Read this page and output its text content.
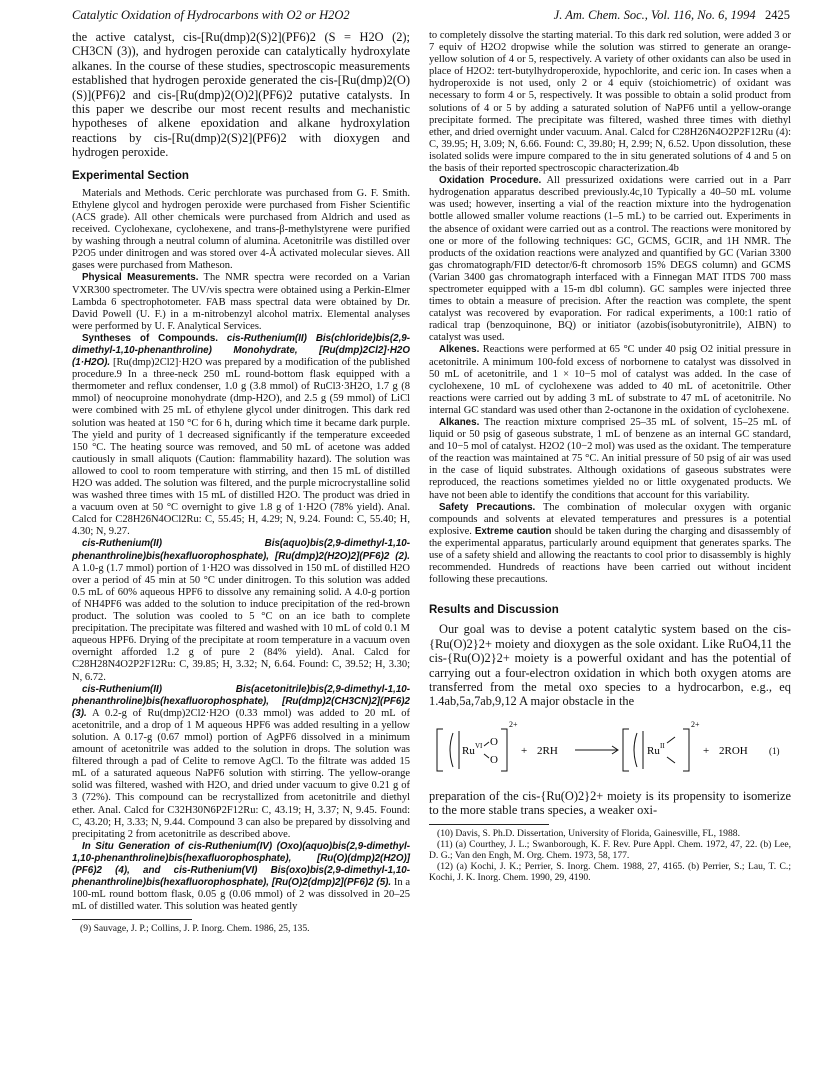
Catalytic Oxidation of Hydrocarbons with O2 or H2O2	J. Am. Chem. Soc., Vol. 116, No. 6, 1994 2425

the active catalyst, cis-[Ru(dmp)2(S)2](PF6)2 (S = H2O (2); CH3CN (3)), and hydrogen peroxide can catalytically hydroxylate alkanes. In the course of these studies, spectroscopic measurements established that hydrogen peroxide generated the cis-[Ru(dmp)2(O)(S)](PF6)2 and cis-[Ru(dmp)2(O)2](PF6)2 putative catalysts. In this paper we describe our most recent results and mechanistic hypotheses of alkene epoxidation and alkane hydroxylation reactions by cis-[Ru(dmp)2(S)2](PF6)2 with dioxygen and hydrogen peroxide.

Experimental Section

Materials and Methods. Ceric perchlorate was purchased from G. F. Smith. Ethylene glycol and hydrogen peroxide were purchased from Fisher Scientific (ACS grade). All other chemicals were purchased from Aldrich and used as received. Cyclohexane, cyclohexene, and trans-β-methylstyrene were purified by washing through a neutral column of alumina. Acetonitrile was distilled over P2O5 under dinitrogen and was stored over 4-Å activated molecular sieves. All gases were purchased from Matheson.

Physical Measurements. The NMR spectra were recorded on a Varian VXR300 spectrometer. The UV/vis spectra were obtained using a Perkin-Elmer Lambda 6 spectrophotometer. FAB mass spectral data were obtained by Dr. David Powell (U. F.) in a m-nitrobenzyl alcohol matrix. Elemental analyses were performed by U. F. Analytical Services.

Syntheses of Compounds. cis-Ruthenium(II) Bis(chloride)bis(2,9-dimethyl-1,10-phenanthroline) Monohydrate, [Ru(dmp)2Cl2]·H2O (1·H2O). [Ru(dmp)2Cl2]·H2O was prepared by a modification of the published procedure.9 In a three-neck 250 mL round-bottom flask equipped with a thermometer and reflux condenser, 1.0 g (3.8 mmol) of RuCl3·3H2O, 1.7 g (8 mmol) of neocuproine monohydrate (dmp-H2O), and 2.5 g (59 mmol) of LiCl were combined with 25 mL of ethylene glycol under dinitrogen. This dark red solution was heated at 150 °C for 6 h, during which time it became dark purple. The yield and purity of 1 decreased significantly if the temperature exceeded 150 °C. The heating source was removed, and 50 mL of acetone was added cautiously in small aliquots (Caution: flammability hazard). The solution was allowed to cool to room temperature with stirring, and then 15 mL of distilled H2O was added. The solution was filtered, and the purple microcrystalline solid was washed three times with 15 mL of distilled H2O. The product was dried in a vacuum oven at 50 °C overnight to give 1.8 g of 1·H2O (78% yield). Anal. Calcd for C28H26N4OCl2Ru: C, 55.45; H, 4.29; N, 9.24. Found: C, 55.40; H, 4.30; N, 9.27.

cis-Ruthenium(II) Bis(aquo)bis(2,9-dimethyl-1,10-phenanthroline)bis(hexafluorophosphate), [Ru(dmp)2(H2O)2](PF6)2 (2). A 1.0-g (1.7 mmol) portion of 1·H2O was dissolved in 150 mL of distilled H2O over a period of 45 min at 50 °C under dinitrogen. To this solution was added 0.5 mL of 60% aqueous HPF6 to dissolve any remaining solid. A 4.0-g portion of NH4PF6 was added to the solution to induce precipitation of the red-brown product. The solution was cooled to 5 °C on an ice bath to complete precipitation. The precipitate was filtered and washed with 10 mL of cold 0.1 M aqueous HPF6. Drying of the precipitate at room temperature in a vacuum oven overnight afforded 1.2 g of pure 2 (84% yield). Anal. Calcd for C28H28N4O2P2F12Ru: C, 39.85; H, 3.32; N, 6.64. Found: C, 39.52; H, 3.30; N, 6.72.

cis-Ruthenium(II) Bis(acetonitrile)bis(2,9-dimethyl-1,10-phenanthroline)bis(hexafluorophosphate), [Ru(dmp)2(CH3CN)2](PF6)2 (3). A 0.2-g of Ru(dmp)2Cl2·H2O (0.33 mmol) was added to 20 mL of acetonitrile, and a drop of 1 M aqueous HPF6 was added resulting in a yellow solution. A 0.17-g (0.67 mmol) portion of AgPF6 dissolved in a minimum amount of acetonitrile was added to the solution in drops. The solution was filtered through a pad of Celite to remove AgCl. To the filtrate was added 15 mL of a saturated aqueous NaPF6 solution with stirring. The yellow-orange solid was filtered, washed with H2O, and dried under vacuum to give 0.21 g of 3 (72%). This compound can be recrystallized from acetonitrile and diethyl ether. Anal. Calcd for C32H30N6P2F12Ru: C, 43.19; H, 3.37; N, 9.45. Found: C, 43.20; H, 3.33; N, 9.44. Compound 3 can also be prepared by dissolving and precipitating 2 from acetonitrile as described above.

In Situ Generation of cis-Ruthenium(IV) (Oxo)(aquo)bis(2,9-dimethyl-1,10-phenanthroline)bis(hexafluorophosphate), [Ru(O)(dmp)2(H2O)](PF6)2 (4), and cis-Ruthenium(VI) Bis(oxo)bis(2,9-dimethyl-1,10-phenanthroline)bis(hexafluorophosphate), [Ru(O)2(dmp)2](PF6)2 (5). In a 100-mL round bottom flask, 0.05 g (0.06 mmol) of 2 was dissolved in 20–25 mL of distilled water. This solution was heated gently

(9) Sauvage, J. P.; Collins, J. P. Inorg. Chem. 1986, 25, 135.

to completely dissolve the starting material. To this dark red solution, were added 3 or 7 equiv of H2O2 dropwise while the solution was stirred to generate an orange-yellow solution of 4 or 5, respectively. A variety of other oxidants can also be used in place of H2O2: tert-butylhydroperoxide, hypochlorite, and ceric ion. In cases when a hydroperoxide is not used, only 2 or 4 equiv (stoichiometric) of oxidant was necessary to form 4 or 5, respectively. It was possible to obtain a solid product from solutions of 4 or 5 by adding a saturated solution of NaPF6 until a yellow-orange precipitate formed. The precipitate was filtered, washed three times with diethyl ether, and dried overnight under vacuum. Anal. Calcd for C28H26N4O2P2F12Ru (4): C, 39.95; H, 3.09; N, 6.66. Found: C, 39.80; H, 2.99; N, 6.52. Upon dissolution, these isolated solids were impure compared to the in situ generated solutions of 4 and 5 on the basis of their reported spectroscopic characterization.4b

Oxidation Procedure. All pressurized oxidations were carried out in a Parr hydrogenation apparatus described previously.4c,10 Typically a 40–50 mL volume was used; however, inserting a vial of the reaction mixture into the hydrogenation bottle allowed smaller volume reactions (1–5 mL) to be carried out. Experiments in the absence of oxidant were carried out as a control. The reactions were monitored by one or more of the following techniques: GC, GCMS, GCIR, and 1H NMR. The products of the oxidation reactions were analyzed and quantified by GC (Varian 3300 gas chromatograph/FID detector/6-ft chromosorb 15% DEGS column) and GCMS (Varian 3400 gas chromatograph interfaced with a Finnegan MAT ITDS 700 mass spectrometer equipped with a 15-m dbl column). GC samples were injected three times to obtain a measure of precision. After the reaction was complete, the spent catalyst was recovered by evaporation. For radical experiments, a 100:1 ratio of radical trap (benzoquinone, BQ) or initiator (azobis(isobutyronitrile), AIBN) to catalyst was used.

Alkenes. Reactions were performed at 65 °C under 40 psig O2 initial pressure in acetonitrile. A minimum 100-fold excess of norbornene to catalyst was dissolved in 50 mL of acetonitrile, and 1 × 10−5 mol of catalyst was added. In the case of cyclohexene, 10 mL of cyclohexene was added to 40 mL of acetonitrile. Other reactions were carried out by adding 3 mL of substrate to 47 mL of acetonitrile. No internal GC standard was used other than 2-octanone in the oxidation of cyclohexene.

Alkanes. The reaction mixture comprised 25–35 mL of solvent, 15–25 mL of liquid or 50 psig of gaseous substrate, 1 mL of benzene as an internal GC standard, and 10−5 mol of catalyst. H2O2 (10−2 mol) was used as the oxidant. The temperature of the reaction was maintained at 75 °C. An initial pressure of 50 psig of air was used in the case of liquid substrates. Although oxidations of gaseous substrates were reproduced, the reactions sometimes yielded no or little oxygenated products. We have not been able to identify the conditions that account for this variability.

Safety Precautions. The combination of molecular oxygen with organic compounds and solvents at elevated temperatures and pressures is a potential explosive. Extreme caution should be taken during the charging and disassembly of the experimental apparatus, particularly around equipment that generates sparks. The use of a safety shield and allowing the reactants to cool prior to disassembly is highly recommended. Hundreds of reactions have been carried out without incident following these precautions.

Results and Discussion

Our goal was to devise a potent catalytic system based on the cis-{Ru(O)2}2+ moiety and dioxygen as the sole oxidant. Like RuO4,11 the cis-{Ru(O)2}2+ moiety is a powerful oxidant and has the potential of carrying out a four-electron oxidation in which both oxygen atoms are transferred from the metal oxo species to a hydrocarbon, e.g., eq 1.4ab,5a,7ab,9,12 A major obstacle in the

Ru VI O
O
2+
+ 2RH	Ru II
2+
+ 2ROH (1)

preparation of the cis-{Ru(O)2}2+ moiety is its propensity to isomerize to the more stable trans species, a weaker oxi-

(10) Davis, S. Ph.D. Dissertation, University of Florida, Gainesville, FL, 1988.

(11) (a) Courthey, J. L.; Swanborough, K. F. Rev. Pure Appl. Chem. 1972, 47, 22. (b) Lee, D. G.; Van den Engh, M. Org. Chem. 1973, 58, 177.

(12) (a) Kochi, J. K.; Perrier, S. Inorg. Chem. 1988, 27, 4165. (b) Perrier, S.; Lau, T. C.; Kochi, J. K. Inorg. Chem. 1990, 29, 4190.
